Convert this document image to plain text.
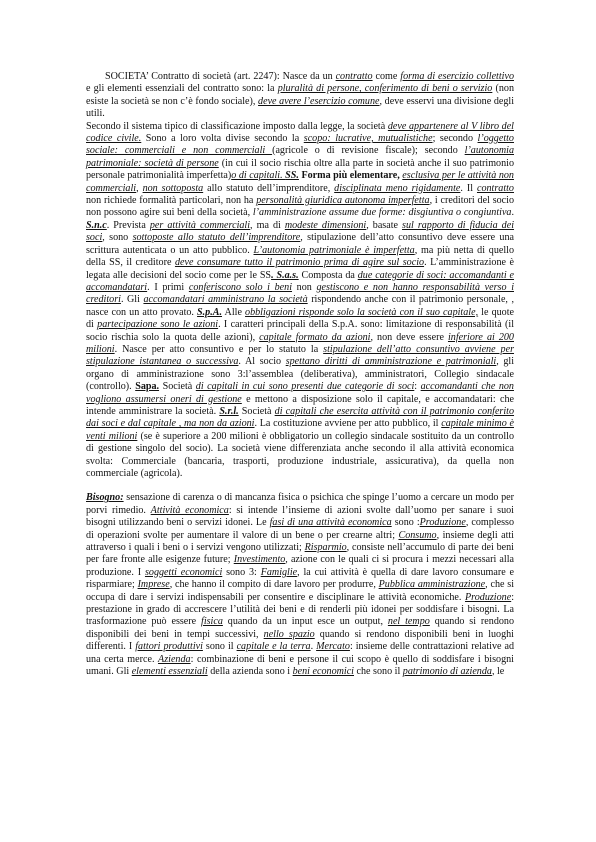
SOCIETA’ Contratto di società (art. 2247): Nasce da un contratto come forma di esercizio collettivo e gli elementi essenziali del contratto sono: la pluralità di persone, conferimento di beni o servizio (non esiste la società se non c’è fondo sociale), deve avere l’esercizio comune, deve esservi una divisione degli utili.

Secondo il sistema tipico di classificazione imposto dalla legge, la società deve appartenere al V libro del codice civile. Sono a loro volta divise secondo la scopo: lucrative, mutualistiche; secondo l’oggetto sociale: commerciali e non commerciali (agricole o di revisione fiscale); secondo l’autonomia patrimoniale: società di persone (in cui il socio rischia oltre alla parte in società anche il suo patrimonio personale patrimonialità imperfetta)o di capitali. SS. Forma più elementare, esclusiva per le attività non commerciali, non sottoposta allo statuto dell’imprenditore, disciplinata meno rigidamente. Il contratto non richiede formalità particolari, non ha personalità giuridica autonoma imperfetta, i creditori del socio non possono agire sui beni della società, l’amministrazione assume due forme: disgiuntiva o congiuntiva. S.n.c. Prevista per attività commerciali, ma di modeste dimensioni, basate sul rapporto di fiducia dei soci, sono sottoposte allo statuto dell’imprenditore, stipulazione dell’atto consuntivo deve essere una scrittura autenticata o un atto pubblico. L’autonomia patrimoniale è imperfetta, ma più netta di quello della SS, il creditore deve consumare tutto il patrimonio prima di agire sul socio. L’amministrazione è legata alle decisioni del socio come per le SS. S.a.s. Composta da due categorie di soci: accomandanti e accomandatari. I primi conferiscono solo i beni non gestiscono e non hanno responsabilità verso i creditori. Gli accomandatari amministrano la società rispondendo anche con il patrimonio personale, , nasce con un atto provato. S.p.A. Alle obbligazioni risponde solo la società con il suo capitale, le quote di partecipazione sono le azioni. I caratteri principali della S.p.A. sono: limitazione di responsabilità (il socio rischia solo la quota delle azioni), capitale formato da azioni, non deve essere inferiore ai 200 milioni. Nasce per atto consuntivo e per lo statuto la stipulazione dell’atto consuntivo avviene per stipulazione istantanea o successiva. Al socio spettano diritti di amministrazione e patrimoniali, gli organo di amministrazione sono 3:l’assemblea (deliberativa), amministratori, Collegio sindacale (controllo). Sapa. Società di capitali in cui sono presenti due categorie di soci: accomandanti che non vogliono assumersi oneri di gestione e mettono a disposizione solo il capitale, e accomandatari: che intende amministrare la società. S.r.l. Società di capitali che esercita attività con il patrimonio conferito dai soci e dal capitale , ma non da azioni. La costituzione avviene per atto pubblico, il capitale minimo è venti milioni (se è superiore a 200 milioni è obbligatorio un collegio sindacale sostituito da un controllo di gestione singolo del socio). La società viene differenziata anche secondo il alla attività economica svolta: Commerciale (bancaria, trasporti, produzione industriale, assicurativa), da quella non commerciale (agricola).

Bisogno: sensazione di carenza o di mancanza fisica o psichica che spinge l’uomo a cercare un modo per porvi rimedio. Attività economica: si intende l’insieme di azioni svolte dall’uomo per sanare i suoi bisogni utilizzando beni o servizi idonei. Le fasi di una attività economica sono :Produzione, complesso di operazioni svolte per aumentare il valore di un bene o per crearne altri; Consumo, insieme degli atti attraverso i quali i beni o i servizi vengono utilizzati; Risparmio, consiste nell’accumulo di parte dei beni per fare fronte alle esigenze future; Investimento, azione con le quali ci si procura i mezzi necessari alla produzione. I soggetti economici sono 3: Famiglie, la cui attività è quella di dare lavoro consumare e risparmiare; Imprese, che hanno il compito di dare lavoro per produrre, Pubblica amministrazione, che si occupa di dare i servizi indispensabili per consentire e disciplinare le attività economiche. Produzione: prestazione in grado di accrescere l’utilità dei beni e di renderli più idonei per soddisfare i bisogni. La trasformazione può essere fisica quando da un input esce un output, nel tempo quando si rendono disponibili dei beni in tempi successivi, nello spazio quando si rendono disponibili beni in luoghi differenti. I fattori produttivi sono il capitale e la terra. Mercato: insieme delle contrattazioni relative ad una certa merce. Azienda: combinazione di beni e persone il cui scopo è quello di soddisfare i bisogni umani. Gli elementi essenziali della azienda sono i beni economici che sono il patrimonio di azienda, le
